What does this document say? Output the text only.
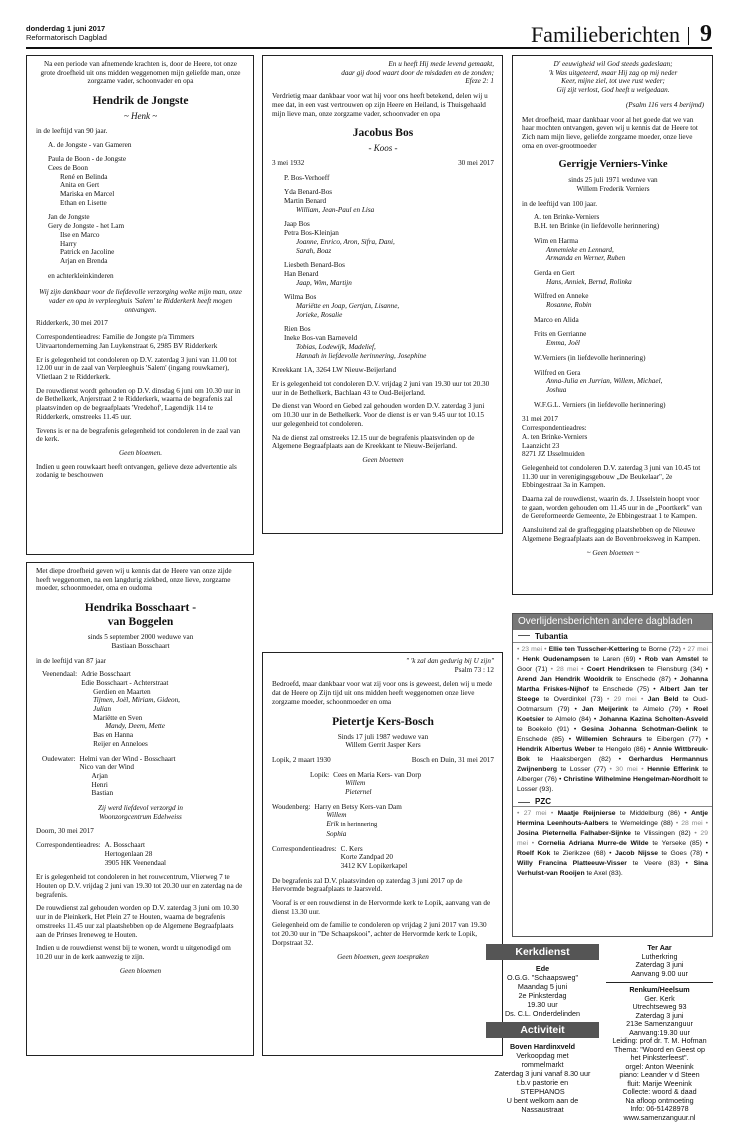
donderdag 1 juni 2017
Reformatorisch Dagblad	Familieberichten 9

Na een periode van afnemende krachten is, door de Heere, tot onze grote droefheid uit ons midden weggenomen mijn geliefde man, onze zorgzame vader, schoonvader en opa

Hendrik de Jongste
~ Henk ~

in de leeftijd van 90 jaar.

A. de Jongste - van Gameren
Paula de Boon - de Jongste
Cees de Boon
René en Belinda
Anita en Gert
Mariska en Marcel
Ethan en Lisette
Jan de Jongste
Gery de Jongste - het Lam
Ilse en Marco
Harry
Patrick en Jacoline
Arjan en Brenda
en achterkleinkinderen

Wij zijn dankbaar voor de liefdevolle verzorging welke mijn man, onze vader en opa in verpleeghuis 'Salem' te Ridderkerk heeft mogen ontvangen.

Ridderkerk, 30 mei 2017

Correspondentieadres: Familie de Jongste p/a Timmers Uitvaartonderneming Jan Luykenstraat 6, 2985 BV Ridderkerk

Er is gelegenheid tot condoleren op D.V. zaterdag 3 juni van 11.00 tot 12.00 uur in de zaal van Verpleeghuis 'Salem' (ingang rouwkamer), Vlietlaan 2 te Ridderkerk.

De rouwdienst wordt gehouden op D.V. dinsdag 6 juni om 10.30 uur in de Bethelkerk, Anjerstraat 2 te Ridderkerk, waarna de begrafenis zal plaatsvinden op de begraafplaats 'Vredehof', Lagendijk 114 te Ridderkerk, omstreeks 11.45 uur.

Tevens is er na de begrafenis gelegenheid tot condoleren in de zaal van de kerk.

Geen bloemen.

Indien u geen rouwkaart heeft ontvangen, gelieve deze advertentie als zodanig te beschouwen

En u heeft Hij mede levend gemaakt,
daar gij dood waart door de misdaden en de zonden;
Efeze 2: 1

Verdrietig maar dankbaar voor wat hij voor ons heeft betekend, delen wij u mee dat, in een vast vertrouwen op zijn Heere en Heiland, is Thuisgehaald mijn lieve man, onze zorgzame vader, schoonvader en opa

Jacobus Bos
- Koos -
3 mei 1932	30 mei 2017
P. Bos-Verhoeff
Yda Benard-Bos
Martin Benard
William, Jean-Paul en Lisa
Jaap Bos
Petra Bos-Kleinjan
Joanne, Enrico, Aron, Sifra, Dani,
Sarah, Boaz
Liesbeth Benard-Bos
Han Benard
Jaap, Wim, Martijn
Wilma Bos
Mariëtte en Joap, Gertjan, Lisanne,
Jorieke, Rosalie
Rien Bos
Ineke Bos-van Barneveld
Tobias, Lodewijk, Madelief,
Hannah in liefdevolle herinnering, Josephine

Kreekkant 1A, 3264 LW Nieuw-Beijerland

Er is gelegenheid tot condoleren D.V. vrijdag 2 juni van 19.30 uur tot 20.30 uur in de Bethelkerk, Bachlaan 43 te Oud-Beijerland.

De dienst van Woord en Gebed zal gehouden worden D.V. zaterdag 3 juni om 10.30 uur in de Bethelkerk. Voor de dienst is er van 9.45 uur tot 10.15 uur gelegenheid tot condoleren.

Na de dienst zal omstreeks 12.15 uur de begrafenis plaatsvinden op de Algemene Begraafplaats aan de Kreekkant te Nieuw-Beijerland.

Geen bloemen

D' eeuwigheid wil God steeds gadeslaan;
'k Was uitgeteerd, maar Hij zag op mij neder
Keer, mijne ziel, tot uwe rust weder;
Gij zijt verlost, God heeft u welgedaan.
(Psalm 116 vers 4 berijmd)

Met droefheid, maar dankbaar voor al het goede dat we van haar mochten ontvangen, geven wij u kennis dat de Heere tot Zich nam mijn lieve, geliefde zorgzame moeder, onze lieve oma en over-grootmoeder

Gerrigje Verniers-Vinke
sinds 25 juli 1971 weduwe van
Willem Frederik Verniers

in de leeftijd van 100 jaar.

A. ten Brinke-Verniers
B.H. ten Brinke (in liefdevolle herinnering)
Wim en Harma
Annemieke en Lennard,
Armanda en Werner, Ruben
Gerda en Gert
Hans, Anniek, Bernd, Rolinka
Wilfred en Anneke
Rosanne, Robin
Marco en Alida
Frits en Gerrianne
Emma, Joël
W.Verniers (in liefdevolle herinnering)
Wilfred en Gera
Anna-Julia en Jurrian, Willem, Michael,
Joshua
W.F.G.L. Verniers (in liefdevolle herinnering)
31 mei 2017
Correspondentieadres:
A. ten Brinke-Verniers
Laanzicht 23
8271 JZ IJsselmuiden

Gelegenheid tot condoleren D.V. zaterdag 3 juni van 10.45 tot 11.30 uur in verenigingsgebouw „De Beukelaar", 2e Ebbingestraat 3a in Kampen.

Daarna zal de rouwdienst, waarin ds. J. IJsselstein hoopt voor te gaan, worden gehouden om 11.45 uur in de „Poortkerk" van de Gereformeerde Gemeente, 2e Ebbingestraat 1 te Kampen.

Aansluitend zal de grafleggging plaatshebben op de Nieuwe Algemene Begraafplaats aan de Bovenbroeksweg in Kampen.

~ Geen bloemen ~

Met diepe droefheid geven wij u kennis dat de Heere van onze zijde heeft weggenomen, na een langdurig ziekbed, onze lieve, zorgzame moeder, schoonmoeder, oma en oudoma

Hendrika Bosschaart -
van Boggelen
sinds 5 september 2000 weduwe van
Bastiaan Bosschaart

in de leeftijd van 87 jaar

Veenendaal: Adrie Bosschaart
Edie Bosschaart - Achterstraat
Gerdien en Maarten
Tijmen, Joël, Miriam, Gideon,
Julian
Mariëtte en Sven
Mandy, Deem, Mette
Bas en Hanna
Reijer en Anneloes
Oudewater: Helmi van der Wind - Bosschaart
Nico van der Wind
Arjan
Henri
Bastian
Zij werd liefdevol verzorgd in
Woonzorgcentrum Edelweiss

Doorn, 30 mei 2017

Correspondentieadres: A. Bosschaart
Hertogenlaan 28
3905 HK Veenendaal

Er is gelegenheid tot condoleren in het rouwcentrum, Vlierweg 7 te Houten op D.V. vrijdag 2 juni van 19.30 tot 20.30 uur en zaterdag na de begrafenis.

De rouwdienst zal gehouden worden op D.V. zaterdag 3 juni om 10.30 uur in de Pleinkerk, Het Plein 27 te Houten, waarna de begrafenis omstreeks 11.45 uur zal plaatshebben op de Algemene Begraafplaats aan de Prinses Ireneweg te Houten.

Indien u de rouwdienst wenst bij te wonen, wordt u uitgenodigd om 10.20 uur in de kerk aanwezig te zijn.

Geen bloemen

" 'k zal dan gedurig bij U zijn"
Psalm 73 : 12

Bedroefd, maar dankbaar voor wat zij voor ons is geweest, delen wij u mede dat de Heere op Zijn tijd uit ons midden heeft weggenomen onze lieve zorgzame moeder, schoonmoeder en oma

Pietertje Kers-Bosch
Sinds 17 juli 1987 weduwe van
Willem Gerrit Jasper Kers
Lopik, 2 maart 1930	Bosch en Duin, 31 mei 2017
Lopik: Cees en Maria Kers- van Dorp
Willem
Pieternel
Woudenberg: Harry en Betsy Kers-van Dam
Willem
Erik in herinnering
Sophia
Correspondentieadres: C. Kers
Korte Zandpad 20
3412 KV Lopikerkapel

De begrafenis zal D.V. plaatsvinden op zaterdag 3 juni 2017 op de Hervormde begraafplaats te Jaarsveld.

Vooraf is er een rouwdienst in de Hervormde kerk te Lopik, aanvang van de dienst 13.30 uur.

Gelegenheid om de familie te condoleren op vrijdag 2 juni 2017 van 19.30 tot 20.30 uur in "De Schaapskooi", achter de Hervormde kerk te Lopik, Dorpstraat 32.

Geen bloemen, geen toespraken

Overlijdensberichten andere dagbladen
Tubantia
• 23 mei • Ellie ten Tusscher-Kettering te Borne (72) • 27 mei • Henk Oudenampsen te Laren (69) • Rob van Amstel te Goor (71) • 28 mei • Coert Hendriksen te Flensburg (34) • Arend Jan Hendrik Wooldrik te Enschede (87) • Johanna Martha Friskes-Nijhof te Enschede (75) • Albert Jan ter Steege te Overdinkel (73) • 29 mei • Jan Beld te Oud-Ootmarsum (79) • Jan Meijerink te Almelo (79) • Roel Koetsier te Almelo (84) • Johanna Kazina Scholten-Asveld te Boekelo (91) • Gesina Johanna Schotman-Gelink te Enschede (85) • Willemien Schraurs te Eibergen (77) • Hendrik Albertus Weber te Hengelo (86) • Annie Wittbreuk-Bok te Haaksbergen (82) • Gerhardus Hermannus Zwijnenberg te Losser (77) • 30 mei • Hennie Efferink te Alberger (76) • Christine Wilhelmine Hengelman-Nordholt te Losser (93).
PZC
• 27 mei • Maatje Reijnierse te Middelburg (86) • Antje Hermina Leenhouts-Aalbers te Wemeldinge (88) • 28 mei • Josina Pieternella Falhaber-Sijnke te Vlissingen (82) • 29 mei • Cornelia Adriana Murre-de Wilde te Yerseke (85) • Roelf Kok te Zierikzee (68) • Jacob Nijsse te Goes (78) • Willy Francina Platteeuw-Visser te Veere (83) • Sina Verhulst-van Rooijen te Axel (83).
Kerkdienst
Ede
O.G.G. "Schaapsweg"
Maandag 5 juni
2e Pinksterdag
19.30 uur
Ds. C.L. Onderdelinden
Activiteit
Boven Hardinxveld
Verkoopdag met
rommelmarkt
Zaterdag 3 juni vanaf 8.30 uur
t.b.v pastorie en
STEPHANOS
U bent welkom aan de
Nassaustraat
Ter Aar
Lutherkring
Zaterdag 3 juni
Aanvang 9.00 uur
Renkum/Heelsum
Ger. Kerk
Utrechtseweg 93
Zaterdag 3 juni
213e Samenzanguur
Aanvang:19.30 uur
Leiding: prof dr. T. M. Hofman
Thema: "Woord en Geest op
het Pinksterfeest".
orgel: Anton Weenink
piano: Leander v d Steen
fluit: Marije Weenink
Collecte: woord & daad
Na afloop ontmoeting
Info: 06-51428978
www.samenzanguur.nl
